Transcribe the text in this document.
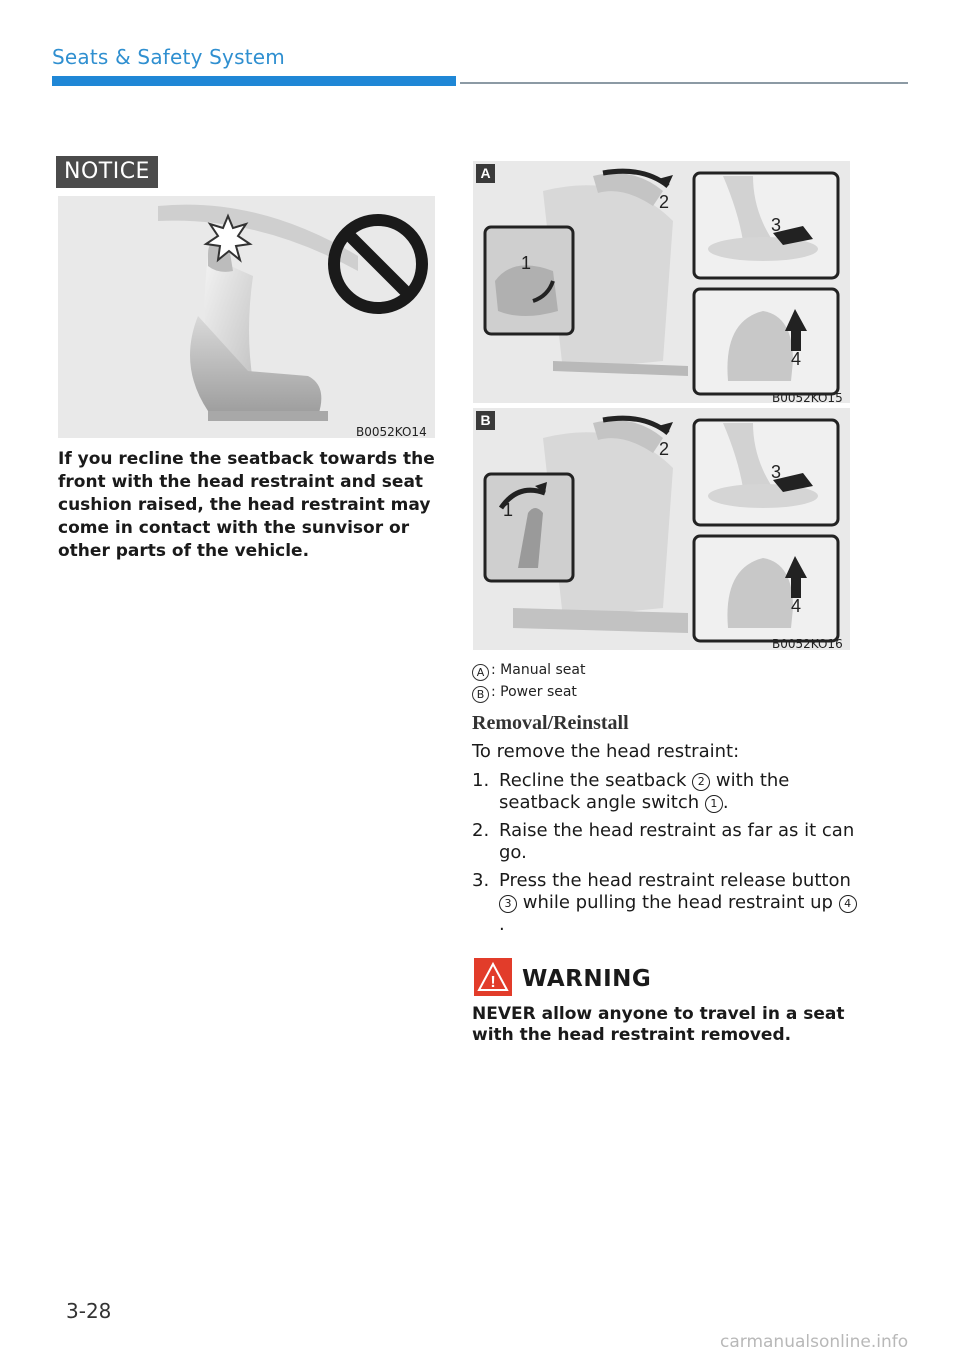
Seats & Safety System
NOTICE
B0052KO14
If you recline the seatback towards the front with the head restraint and seat cushion raised, the head restraint may come in contact with the sunvisor or other parts of the vehicle.
2
1
3
4
A
B0052KO15
2
1
3
4
B
B0052KO16
A : Manual seat
B : Power seat
Removal/Reinstall
To remove the head restraint:
1. Recline the seatback 2 with the seatback angle switch 1 .
2. Raise the head restraint as far as it can go.
3. Press the head restraint release button 3 while pulling the head restraint up 4.
! WARNING
NEVER allow anyone to travel in a seat with the head restraint removed.
3-28
carmanualsonline.info
